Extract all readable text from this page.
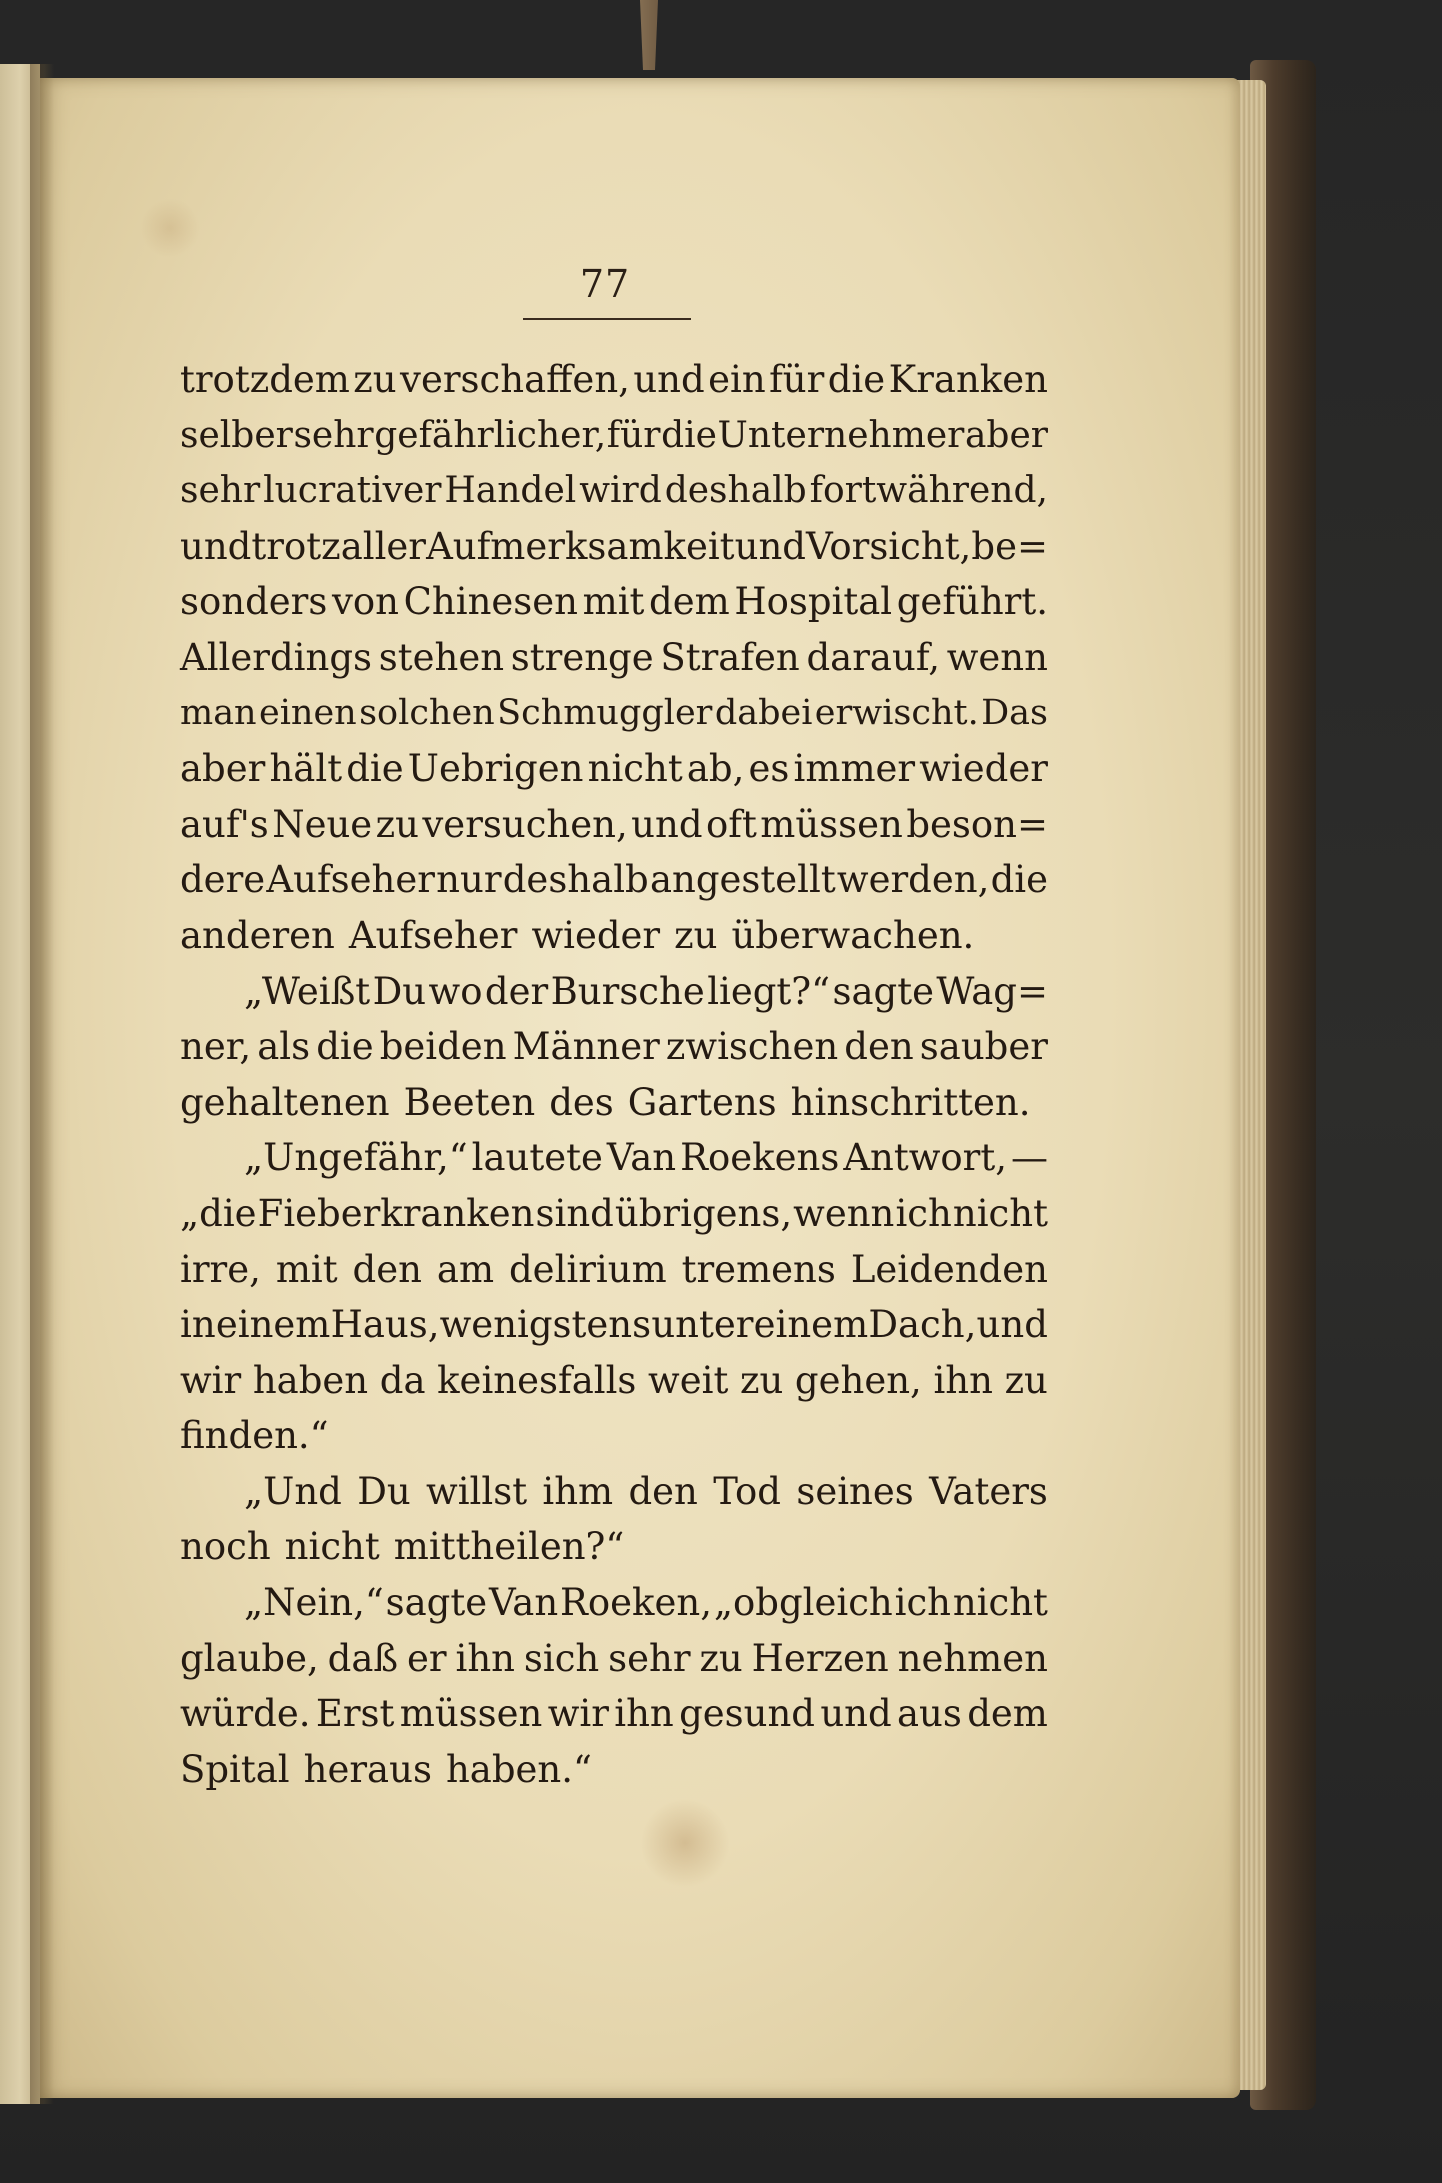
77
trotzdem zu verschaffen, und ein für die Kranken
selber sehr gefährlicher, für die Unternehmer aber
sehr lucrativer Handel wird deshalb fortwährend,
und trotz aller Aufmerksamkeit und Vorsicht, be=
sonders von Chinesen mit dem Hospital geführt.
Allerdings stehen strenge Strafen darauf, wenn
man einen solchen Schmuggler dabei erwischt. Das
aber hält die Uebrigen nicht ab, es immer wieder
auf's Neue zu versuchen, und oft müssen beson=
dere Aufseher nur deshalb angestellt werden, die
anderen Aufseher wieder zu überwachen.
„Weißt Du wo der Bursche liegt?“ sagte Wag=
ner, als die beiden Männer zwischen den sauber
gehaltenen Beeten des Gartens hinschritten.
„Ungefähr,“ lautete Van Roekens Antwort, —
„die Fieberkranken sind übrigens, wenn ich nicht
irre, mit den am delirium tremens Leidenden
in einem Haus, wenigstens unter einem Dach, und
wir haben da keinesfalls weit zu gehen, ihn zu
finden.“
„Und Du willst ihm den Tod seines Vaters
noch nicht mittheilen?“
„Nein,“ sagte Van Roeken, „obgleich ich nicht
glaube, daß er ihn sich sehr zu Herzen nehmen
würde. Erst müssen wir ihn gesund und aus dem
Spital heraus haben.“
